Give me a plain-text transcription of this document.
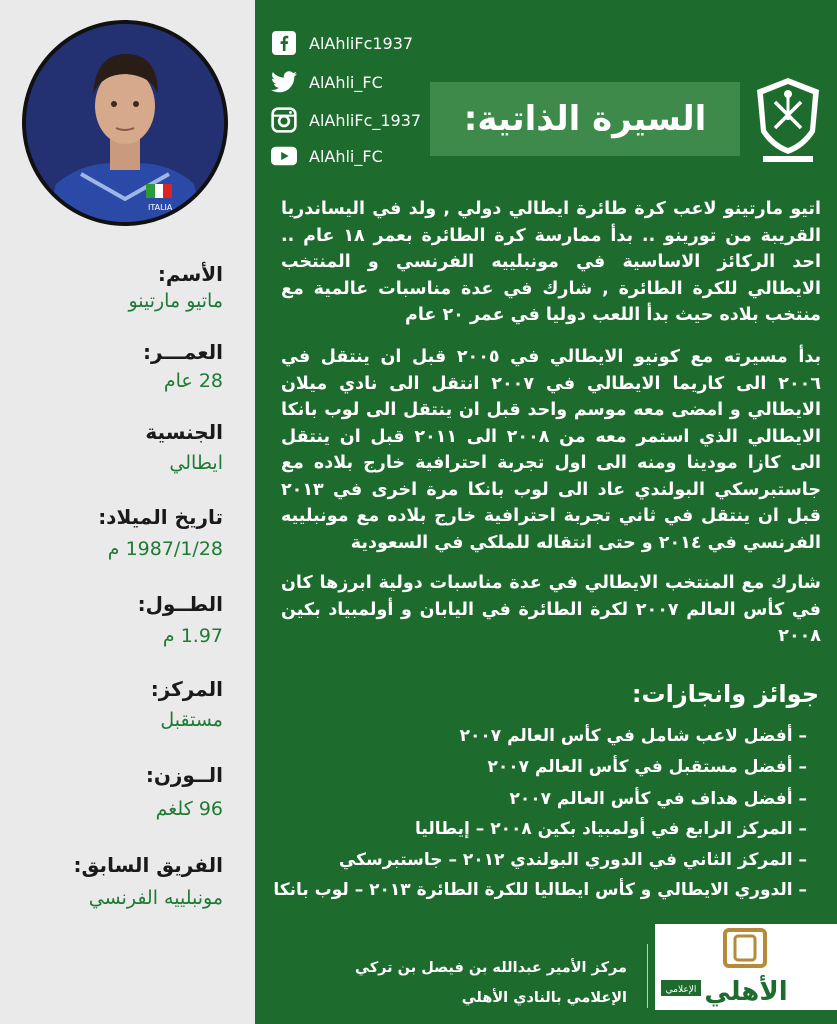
ITALIA
الأسم:
ماتيو مارتينو
العمـــر:
28 عام
الجنسية
ايطالي
تاريخ الميلاد:
1987/1/28 م
الطــول:
1.97 م
المركز:
مستقبل
الــوزن:
96 كلغم
الفريق السابق:
مونبلييه الفرنسي
AlAhliFc1937
AlAhli_FC
AlAhliFc_1937
AlAhli_FC
السيرة الذاتية:

اتيو مارتينو لاعب كرة طائرة ايطالي دولي , ولد في اليساندريا القريبة من تورينو .. بدأ ممارسة كرة الطائرة بعمر ١٨ عام .. احد الركائز الاساسية في مونبلييه الفرنسي و المنتخب الايطالي للكرة الطائرة , شارك في عدة مناسبات عالمية مع منتخب بلاده حيث بدأ اللعب دوليا في عمر ٢٠ عام

بدأ مسيرته مع كونيو الايطالي في ٢٠٠٥ قبل ان ينتقل في ٢٠٠٦ الى كاريما الايطالي في ٢٠٠٧ انتقل الى نادي ميلان الايطالي و امضى معه موسم واحد قبل ان ينتقل الى لوب بانكا الايطالي الذي استمر معه من ٢٠٠٨ الى ٢٠١١ قبل ان ينتقل الى كازا مودينا ومنه الى اول تجربة احترافية خارج بلاده مع جاستبرسكي البولندي عاد الى لوب بانكا مرة اخرى في ٢٠١٣ قبل ان ينتقل في ثاني تجربة احترافية خارج بلاده مع مونبلييه الفرنسي في ٢٠١٤ و حتى انتقاله للملكي في السعودية

شارك مع المنتخب الايطالي في عدة مناسبات دولية ابرزها كان في كأس العالم ٢٠٠٧ لكرة الطائرة في اليابان و أولمبياد بكين ٢٠٠٨

جوائز وانجازات:
– أفضل لاعب شامل في كأس العالم ٢٠٠٧
– أفضل مستقبل في كأس العالم ٢٠٠٧
– أفضل هداف في كأس العالم ٢٠٠٧
– المركز الرابع في أولمبياد بكين ٢٠٠٨ – إيطاليا
– المركز الثاني في الدوري البولندي ٢٠١٢ – جاستبرسكي
– الدوري الايطالي و كأس ايطاليا للكرة الطائرة ٢٠١٣ – لوب بانكا
مركز الأمير عبدالله بن فيصل بن تركي
الإعلامي بالنادي الأهلي	الأهلي
الإعلامي
